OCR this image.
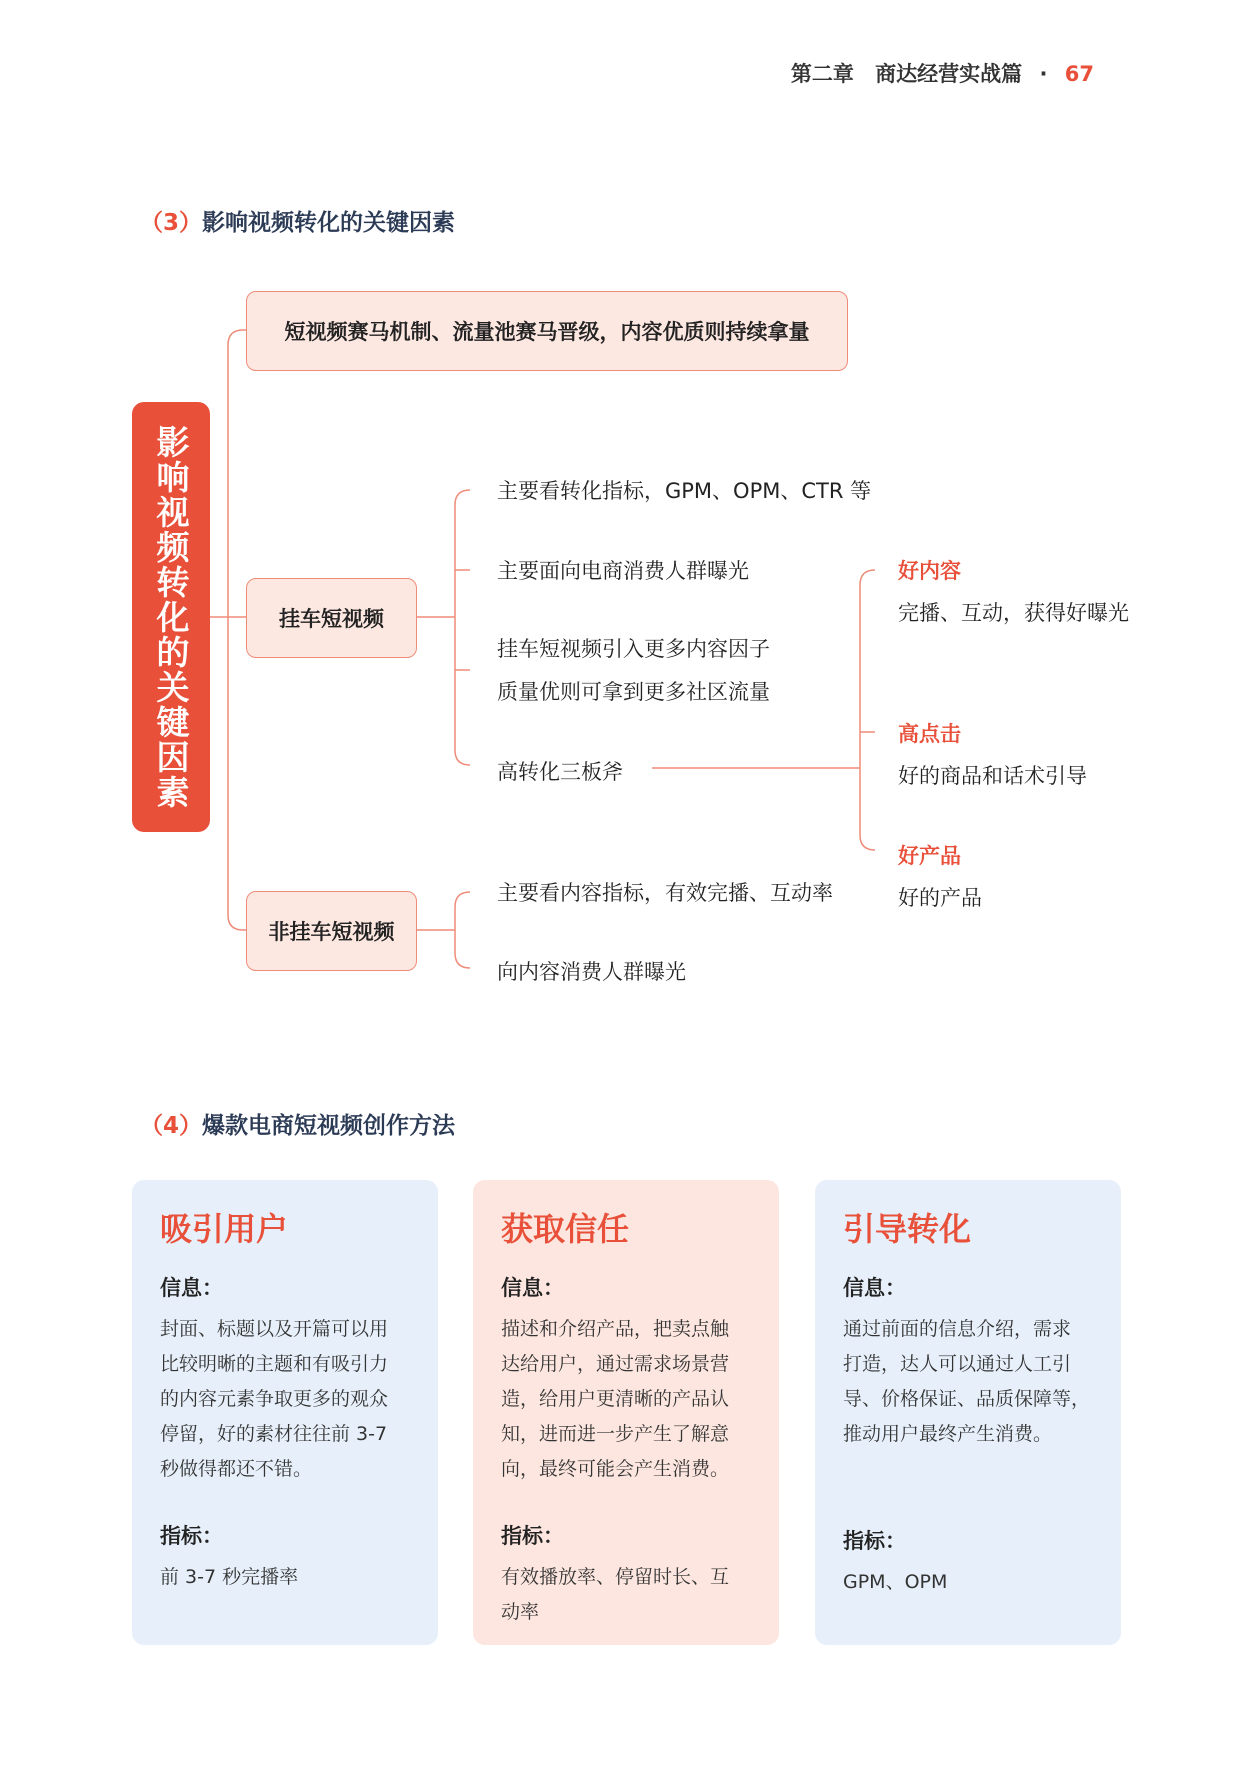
第二章 商达经营实战篇 · 67
（3）影响视频转化的关键因素
影响视频转化的关键因素
短视频赛马机制、流量池赛马晋级，内容优质则持续拿量
挂车短视频
主要看转化指标，GPM、OPM、CTR 等
主要面向电商消费人群曝光
挂车短视频引入更多内容因子
质量优则可拿到更多社区流量
高转化三板斧
好内容
完播、互动，获得好曝光
高点击
好的商品和话术引导
好产品
好的产品
非挂车短视频
主要看内容指标，有效完播、互动率
向内容消费人群曝光
（4）爆款电商短视频创作方法
吸引用户
信息：
封面、标题以及开篇可以用
比较明晰的主题和有吸引力
的内容元素争取更多的观众
停留，好的素材往往前 3-7
秒做得都还不错。
指标：
前 3-7 秒完播率
获取信任
信息：
描述和介绍产品，把卖点触
达给用户，通过需求场景营
造，给用户更清晰的产品认
知，进而进一步产生了解意
向，最终可能会产生消费。
指标：
有效播放率、停留时长、互
动率
引导转化
信息：
通过前面的信息介绍，需求
打造，达人可以通过人工引
导、价格保证、品质保障等，
推动用户最终产生消费。
指标：
GPM、OPM
